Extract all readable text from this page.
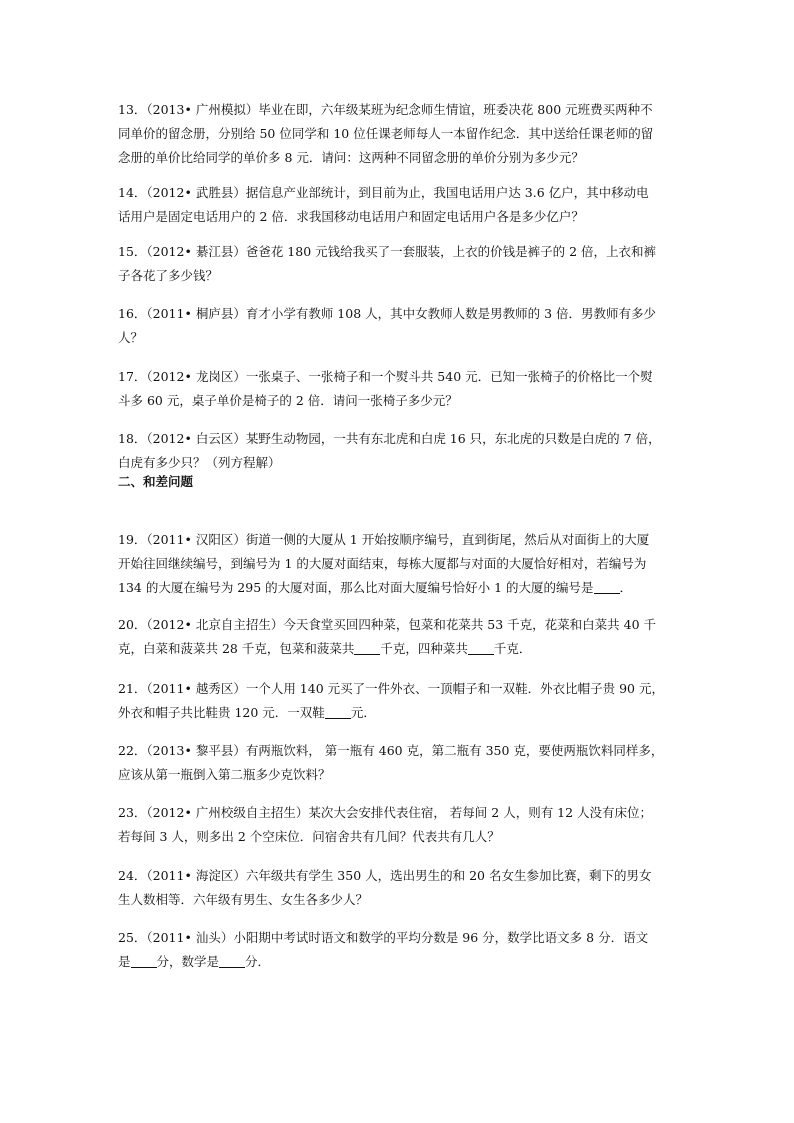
13．（2013• 广州模拟）毕业在即，六年级某班为纪念师生情谊，班委决花 800 元班费买两种不

同单价的留念册，分别给 50 位同学和 10 位任课老师每人一本留作纪念．其中送给任课老师的留

念册的单价比给同学的单价多 8 元．请问：这两种不同留念册的单价分别为多少元？

14．（2012• 武胜县）据信息产业部统计，到目前为止，我国电话用户达 3.6 亿户，其中移动电

话用户是固定电话用户的 2 倍．求我国移动电话用户和固定电话用户各是多少亿户？

15．（2012• 綦江县）爸爸花 180 元钱给我买了一套服装，上衣的价钱是裤子的 2 倍，上衣和裤

子各花了多少钱？

16．（2011• 桐庐县）育才小学有教师 108 人，其中女教师人数是男教师的 3 倍．男教师有多少

人？

17．（2012• 龙岗区）一张桌子、一张椅子和一个熨斗共 540 元．已知一张椅子的价格比一个熨

斗多 60 元，桌子单价是椅子的 2 倍．请问一张椅子多少元？

18．（2012• 白云区）某野生动物园，一共有东北虎和白虎 16 只，东北虎的只数是白虎的 7 倍，

白虎有多少只？（列方程解）

二、和差问题

19．（2011• 汉阳区）街道一侧的大厦从 1 开始按顺序编号，直到街尾，然后从对面街上的大厦

开始往回继续编号，到编号为 1 的大厦对面结束，每栋大厦都与对面的大厦恰好相对，若编号为

134 的大厦在编号为 295 的大厦对面，那么比对面大厦编号恰好小 1 的大厦的编号是 ．

20．（2012• 北京自主招生）今天食堂买回四种菜，包菜和花菜共 53 千克，花菜和白菜共 40 千

克，白菜和菠菜共 28 千克，包菜和菠菜共 千克，四种菜共 千克．

21．（2011• 越秀区）一个人用 140 元买了一件外衣、一顶帽子和一双鞋．外衣比帽子贵 90 元，

外衣和帽子共比鞋贵 120 元．一双鞋 元．

22．（2013• 黎平县）有两瓶饮料， 第一瓶有 460 克，第二瓶有 350 克，要使两瓶饮料同样多，

应该从第一瓶倒入第二瓶多少克饮料？

23．（2012• 广州校级自主招生）某次大会安排代表住宿， 若每间 2 人，则有 12 人没有床位；

若每间 3 人，则多出 2 个空床位．问宿舍共有几间？代表共有几人？

24．（2011• 海淀区）六年级共有学生 350 人，选出男生的和 20 名女生参加比赛，剩下的男女

生人数相等．六年级有男生、女生各多少人？

25．（2011• 汕头）小阳期中考试时语文和数学的平均分数是 96 分，数学比语文多 8 分．语文

是 分，数学是 分．
